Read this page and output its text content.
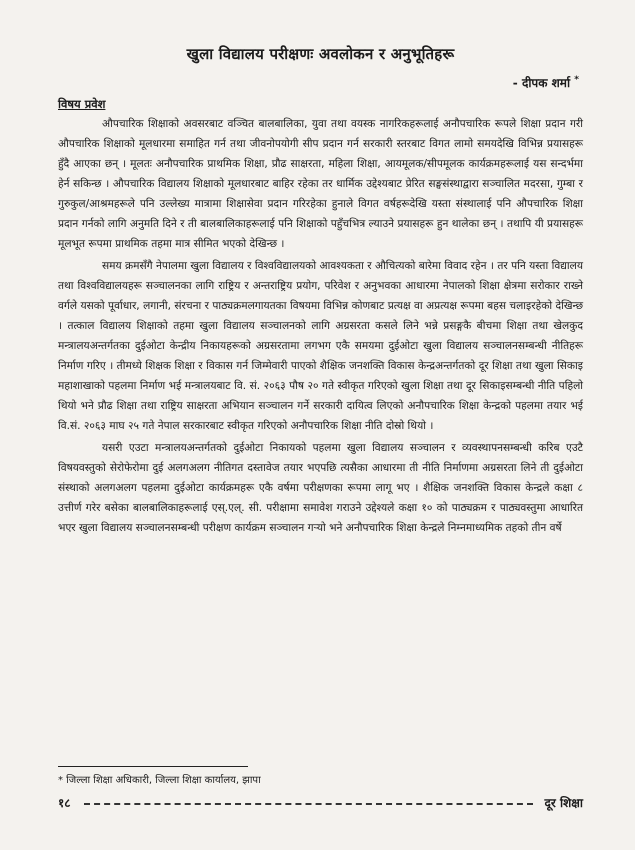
खुला विद्यालय परीक्षणः अवलोकन र अनुभूतिहरू
- दीपक शर्मा *
विषय प्रवेश

औपचारिक शिक्षाको अवसरबाट वञ्चित बालबालिका, युवा तथा वयस्क नागरिकहरूलाई अनौपचारिक रूपले शिक्षा प्रदान गरी औपचारिक शिक्षाको मूलधारमा समाहित गर्न तथा जीवनोपयोगी सीप प्रदान गर्न सरकारी स्तरबाट विगत लामो समयदेखि विभिन्न प्रयासहरू हुँदै आएका छन् । मूलतः अनौपचारिक प्राथमिक शिक्षा, प्रौढ साक्षरता, महिला शिक्षा, आयमूलक/सीपमूलक कार्यक्रमहरूलाई यस सन्दर्भमा हेर्न सकिन्छ । औपचारिक विद्यालय शिक्षाको मूलधारबाट बाहिर रहेका तर धार्मिक उद्देश्यबाट प्रेरित सङ्घसंस्थाद्वारा सञ्चालित मदरसा, गुम्बा र गुरुकुल/आश्रमहरूले पनि उल्लेख्य मात्रामा शिक्षासेवा प्रदान गरिरहेका हुनाले विगत वर्षहरूदेखि यस्ता संस्थालाई पनि औपचारिक शिक्षा प्रदान गर्नको लागि अनुमति दिने र ती बालबालिकाहरूलाई पनि शिक्षाको पहुँचभित्र ल्याउने प्रयासहरू हुन थालेका छन् । तथापि यी प्रयासहरू मूलभूत रूपमा प्राथमिक तहमा मात्र सीमित भएको देखिन्छ ।

समय क्रमसँगै नेपालमा खुला विद्यालय र विश्वविद्यालयको आवश्यकता र औचित्यको बारेमा विवाद रहेन । तर पनि यस्ता विद्यालय तथा विश्वविद्यालयहरू सञ्चालनका लागि राष्ट्रिय र अन्तराष्ट्रिय प्रयोग, परिवेश र अनुभवका आधारमा नेपालको शिक्षा क्षेत्रमा सरोकार राख्ने वर्गले यसको पूर्वाधार, लगानी, संरचना र पाठ्यक्रमलगायतका विषयमा विभिन्न कोणबाट प्रत्यक्ष वा अप्रत्यक्ष रूपमा बहस चलाइरहेको देखिन्छ । तत्काल विद्यालय शिक्षाको तहमा खुला विद्यालय सञ्चालनको लागि अग्रसरता कसले लिने भन्ने प्रसङ्गकै बीचमा शिक्षा तथा खेलकुद मन्त्रालयअन्तर्गतका दुईओटा केन्द्रीय निकायहरूको अग्रसरतामा लगभग एकै समयमा दुईओटा खुला विद्यालय सञ्चालनसम्बन्धी नीतिहरू निर्माण गरिए । तीमध्ये शिक्षक शिक्षा र विकास गर्न जिम्मेवारी पाएको शैक्षिक जनशक्ति विकास केन्द्रअन्तर्गतको दूर शिक्षा तथा खुला सिकाइ महाशाखाको पहलमा निर्माण भई मन्त्रालयबाट वि. सं. २०६३ पौष २० गते स्वीकृत गरिएको खुला शिक्षा तथा दूर सिकाइसम्बन्धी नीति पहिलो थियो भने प्रौढ शिक्षा तथा राष्ट्रिय साक्षरता अभियान सञ्चालन गर्ने सरकारी दायित्व लिएको अनौपचारिक शिक्षा केन्द्रको पहलमा तयार भई वि.सं. २०६३ माघ २५ गते नेपाल सरकारबाट स्वीकृत गरिएको अनौपचारिक शिक्षा नीति दोस्रो थियो ।

यसरी एउटा मन्त्रालयअन्तर्गतको दुईओटा निकायको पहलमा खुला विद्यालय सञ्चालन र व्यवस्थापनसम्बन्धी करिब एउटै विषयवस्तुको सेरोफेरोमा दुई अलगअलग नीतिगत दस्तावेज तयार भएपछि त्यसैका आधारमा ती नीति निर्माणमा अग्रसरता लिने ती दुईओटा संस्थाको अलगअलग पहलमा दुईओटा कार्यक्रमहरू एकै वर्षमा परीक्षणका रूपमा लागू भए । शैक्षिक जनशक्ति विकास केन्द्रले कक्षा ८ उत्तीर्ण गरेर बसेका बालबालिकाहरूलाई एस्.एल्. सी. परीक्षामा समावेश गराउने उद्देश्यले कक्षा १० को पाठ्यक्रम र पाठ्यवस्तुमा आधारित भएर खुला विद्यालय सञ्चालनसम्बन्धी परीक्षण कार्यक्रम सञ्चालन गऱ्यो भने अनौपचारिक शिक्षा केन्द्रले निम्नमाध्यमिक तहको तीन वर्षे

* जिल्ला शिक्षा अधिकारी, जिल्ला शिक्षा कार्यालय, झापा
१८	दूर शिक्षा
